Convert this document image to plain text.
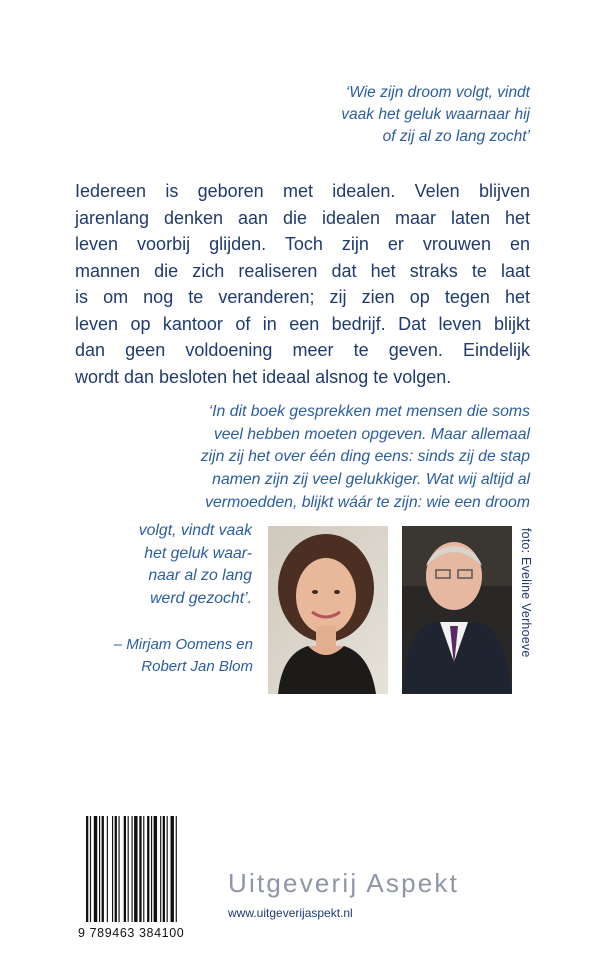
‘Wie zijn droom volgt, vindt
vaak het geluk waarnaar hij
of zij al zo lang zocht’
Iedereen is geboren met idealen. Velen blijven
jarenlang denken aan die idealen maar laten het
leven voorbij glijden. Toch zijn er vrouwen en
mannen die zich realiseren dat het straks te laat
is om nog te veranderen; zij zien op tegen het
leven op kantoor of in een bedrijf. Dat leven blijkt
dan geen voldoening meer te geven. Eindelijk
wordt dan besloten het ideaal alsnog te volgen.
‘In dit boek gesprekken met mensen die soms
veel hebben moeten opgeven. Maar allemaal
zijn zij het over één ding eens: sinds zij de stap
namen zijn zij veel gelukkiger. Wat wij altijd al
vermoedden, blijkt wáár te zijn: wie een droom
volgt, vindt vaak
het geluk waar-
naar al zo lang
werd gezocht’.
– Mirjam Oomens en
Robert Jan Blom
foto: Eveline Verhoeve
9 789463 384100
Uitgeverij Aspekt
www.uitgeverijaspekt.nl
